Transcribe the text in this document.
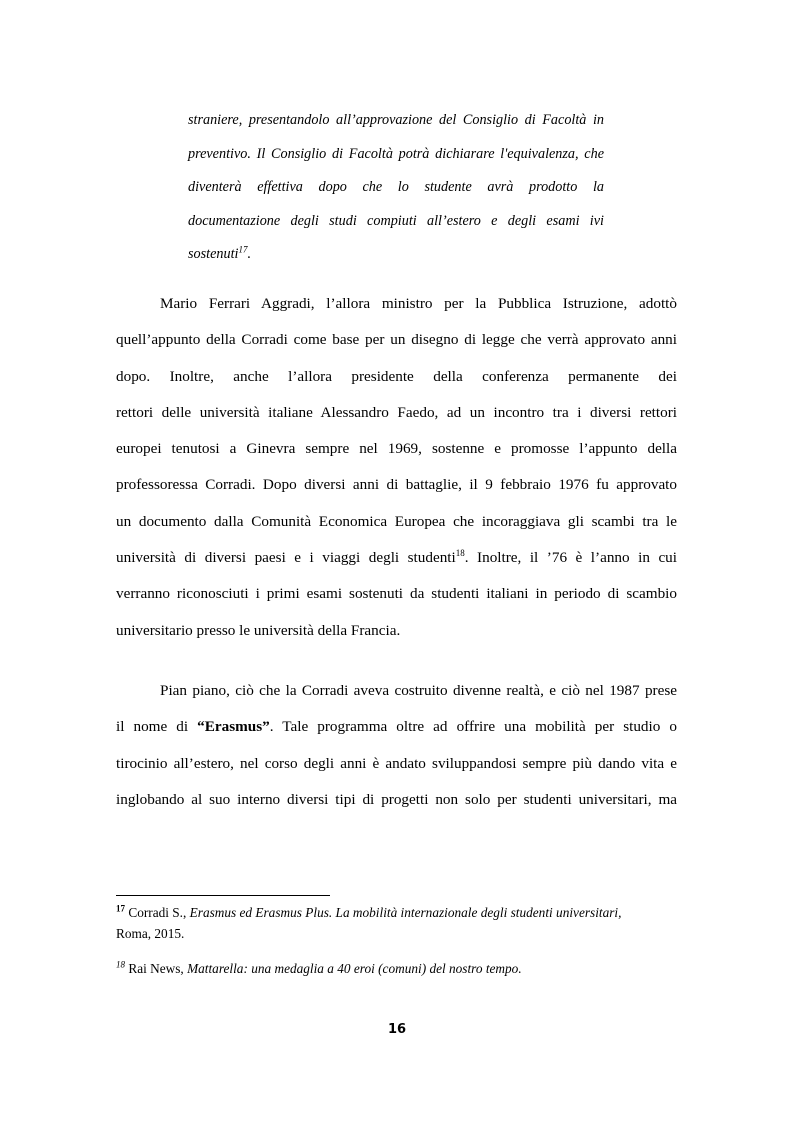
straniere, presentandolo all’approvazione del Consiglio di Facoltà in
preventivo. Il Consiglio di Facoltà potrà dichiarare l'equivalenza, che
diventerà effettiva dopo che lo studente avrà prodotto la
documentazione degli studi compiuti all’estero e degli esami ivi
sostenuti$^{17}$.
Mario Ferrari Aggradi, l’allora ministro per la Pubblica Istruzione, adottò
quell’appunto della Corradi come base per un disegno di legge che verrà approvato anni
dopo. Inoltre, anche l’allora presidente della conferenza permanente dei
rettori delle università italiane Alessandro Faedo, ad un incontro tra i diversi rettori
europei tenutosi a Ginevra sempre nel 1969, sostenne e promosse l’appunto della
professoressa Corradi. Dopo diversi anni di battaglie, il 9 febbraio 1976 fu approvato
un documento dalla Comunità Economica Europea che incoraggiava gli scambi tra le
università di diversi paesi e i viaggi degli studenti$^{18}$. Inoltre, il ’76 è l’anno in cui
verranno riconosciuti i primi esami sostenuti da studenti italiani in periodo di scambio
universitario presso le università della Francia.
Pian piano, ciò che la Corradi aveva costruito divenne realtà, e ciò nel 1987 prese
il nome di “Erasmus”. Tale programma oltre ad offrire una mobilità per studio o
tirocinio all’estero, nel corso degli anni è andato sviluppandosi sempre più dando vita e
inglobando al suo interno diversi tipi di progetti non solo per studenti universitari, ma
$^{17}$ Corradi S., Erasmus ed Erasmus Plus. La mobilità internazionale degli studenti universitari,
Roma, 2015.
$^{18}$ Rai News, Mattarella: una medaglia a 40 eroi (comuni) del nostro tempo.
16
